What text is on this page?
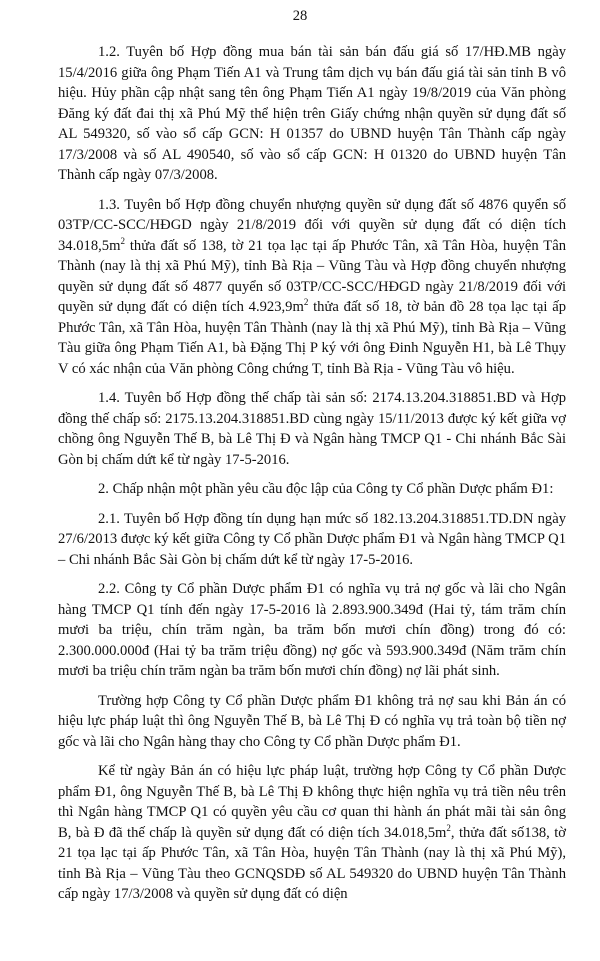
28

1.2. Tuyên bố Hợp đồng mua bán tài sản bán đấu giá số 17/HĐ.MB ngày 15/4/2016 giữa ông Phạm Tiến A1 và Trung tâm dịch vụ bán đấu giá tài sản tỉnh B vô hiệu. Hủy phần cập nhật sang tên ông Phạm Tiến A1 ngày 19/8/2019 của Văn phòng Đăng ký đất đai thị xã Phú Mỹ thể hiện trên Giấy chứng nhận quyền sử dụng đất số AL 549320, số vào sổ cấp GCN: H 01357 do UBND huyện Tân Thành cấp ngày 17/3/2008 và số AL 490540, số vào sổ cấp GCN: H 01320 do UBND huyện Tân Thành cấp ngày 07/3/2008.

1.3. Tuyên bố Hợp đồng chuyển nhượng quyền sử dụng đất số 4876 quyển số 03TP/CC-SCC/HĐGD ngày 21/8/2019 đối với quyền sử dụng đất có diện tích $34.018,5m^2$ thửa đất số 138, tờ 21 tọa lạc tại ấp Phước Tân, xã Tân Hòa, huyện Tân Thành (nay là thị xã Phú Mỹ), tỉnh Bà Rịa – Vũng Tàu và Hợp đồng chuyển nhượng quyền sử dụng đất số 4877 quyển số 03TP/CC-SCC/HĐGD ngày 21/8/2019 đối với quyền sử dụng đất có diện tích $4.923,9m^2$ thửa đất số 18, tờ bản đồ 28 tọa lạc tại ấp Phước Tân, xã Tân Hòa, huyện Tân Thành (nay là thị xã Phú Mỹ), tỉnh Bà Rịa – Vũng Tàu giữa ông Phạm Tiến A1, bà Đặng Thị P ký với ông Đinh Nguyễn H1, bà Lê Thụy V có xác nhận của Văn phòng Công chứng T, tỉnh Bà Rịa - Vũng Tàu vô hiệu.

1.4. Tuyên bố Hợp đồng thế chấp tài sản số: 2174.13.204.318851.BD và Hợp đồng thế chấp số: 2175.13.204.318851.BD cùng ngày 15/11/2013 được ký kết giữa vợ chồng ông Nguyễn Thế B, bà Lê Thị Đ và Ngân hàng TMCP Q1 - Chi nhánh Bắc Sài Gòn bị chấm dứt kể từ ngày 17-5-2016.

2. Chấp nhận một phần yêu cầu độc lập của Công ty Cổ phần Dược phẩm Đ1:

2.1. Tuyên bố Hợp đồng tín dụng hạn mức số 182.13.204.318851.TD.DN ngày 27/6/2013 được ký kết giữa Công ty Cổ phần Dược phẩm Đ1 và Ngân hàng TMCP Q1 – Chi nhánh Bắc Sài Gòn bị chấm dứt kể từ ngày 17-5-2016.

2.2. Công ty Cổ phần Dược phẩm Đ1 có nghĩa vụ trả nợ gốc và lãi cho Ngân hàng TMCP Q1 tính đến ngày 17-5-2016 là 2.893.900.349đ (Hai tỷ, tám trăm chín mươi ba triệu, chín trăm ngàn, ba trăm bốn mươi chín đồng) trong đó có: 2.300.000.000đ (Hai tỷ ba trăm triệu đồng) nợ gốc và 593.900.349đ (Năm trăm chín mươi ba triệu chín trăm ngàn ba trăm bốn mươi chín đồng) nợ lãi phát sinh.

Trường hợp Công ty Cổ phần Dược phẩm Đ1 không trả nợ sau khi Bản án có hiệu lực pháp luật thì ông Nguyễn Thế B, bà Lê Thị Đ có nghĩa vụ trả toàn bộ tiền nợ gốc và lãi cho Ngân hàng thay cho Công ty Cổ phần Dược phẩm Đ1.

Kể từ ngày Bản án có hiệu lực pháp luật, trường hợp Công ty Cổ phần Dược phẩm Đ1, ông Nguyễn Thế B, bà Lê Thị Đ không thực hiện nghĩa vụ trả tiền nêu trên thì Ngân hàng TMCP Q1 có quyền yêu cầu cơ quan thi hành án phát mãi tài sản ông B, bà Đ đã thế chấp là quyền sử dụng đất có diện tích $34.018,5m^2$, thửa đất số138, tờ 21 tọa lạc tại ấp Phước Tân, xã Tân Hòa, huyện Tân Thành (nay là thị xã Phú Mỹ), tỉnh Bà Rịa – Vũng Tàu theo GCNQSDĐ số AL 549320 do UBND huyện Tân Thành cấp ngày 17/3/2008 và quyền sử dụng đất có diện
